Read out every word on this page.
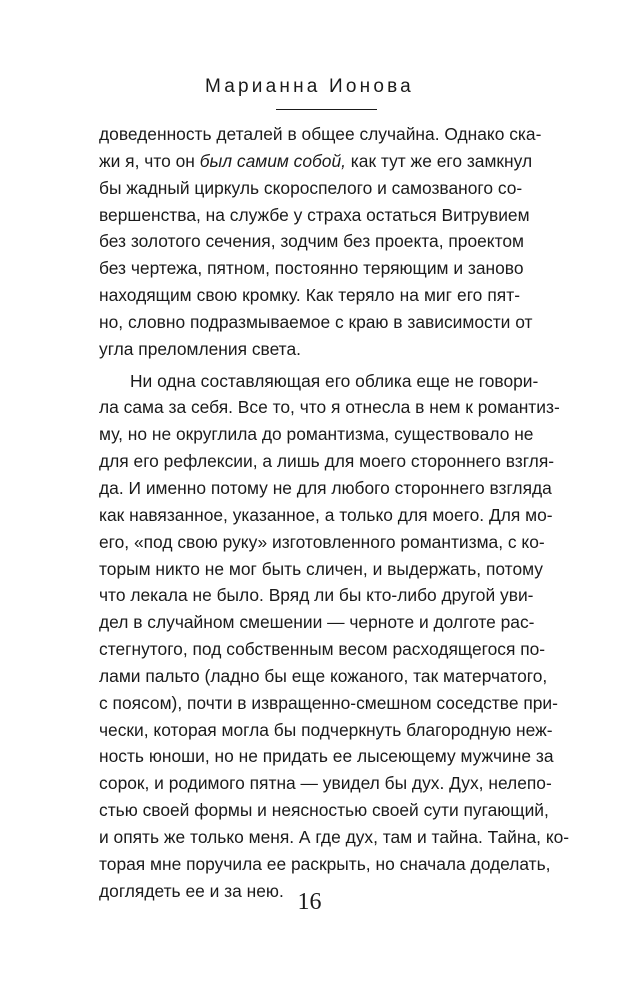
Марианна Ионова
доведенность деталей в общее случайна. Однако ска-
жи я, что он был самим собой, как тут же его замкнул
бы жадный циркуль скороспелого и самозваного со-
вершенства, на службе у страха остаться Витрувием
без золотого сечения, зодчим без проекта, проектом
без чертежа, пятном, постоянно теряющим и заново
находящим свою кромку. Как теряло на миг его пят-
но, словно подразмываемое с краю в зависимости от
угла преломления света.
Ни одна составляющая его облика еще не говори-
ла сама за себя. Все то, что я отнесла в нем к романтиз-
му, но не округлила до романтизма, существовало не
для его рефлексии, а лишь для моего стороннего взгля-
да. И именно потому не для любого стороннего взгляда
как навязанное, указанное, а только для моего. Для мо-
его, «под свою руку» изготовленного романтизма, с ко-
торым никто не мог быть сличен, и выдержать, потому
что лекала не было. Вряд ли бы кто-либо другой уви-
дел в случайном смешении — черноте и долготе рас-
стегнутого, под собственным весом расходящегося по-
лами пальто (ладно бы еще кожаного, так матерчатого,
с поясом), почти в извращенно-смешном соседстве при-
чески, которая могла бы подчеркнуть благородную неж-
ность юноши, но не придать ее лысеющему мужчине за
сорок, и родимого пятна — увидел бы дух. Дух, нелепо-
стью своей формы и неясностью своей сути пугающий,
и опять же только меня. А где дух, там и тайна. Тайна, ко-
торая мне поручила ее раскрыть, но сначала доделать,
доглядеть ее и за нею. 16
